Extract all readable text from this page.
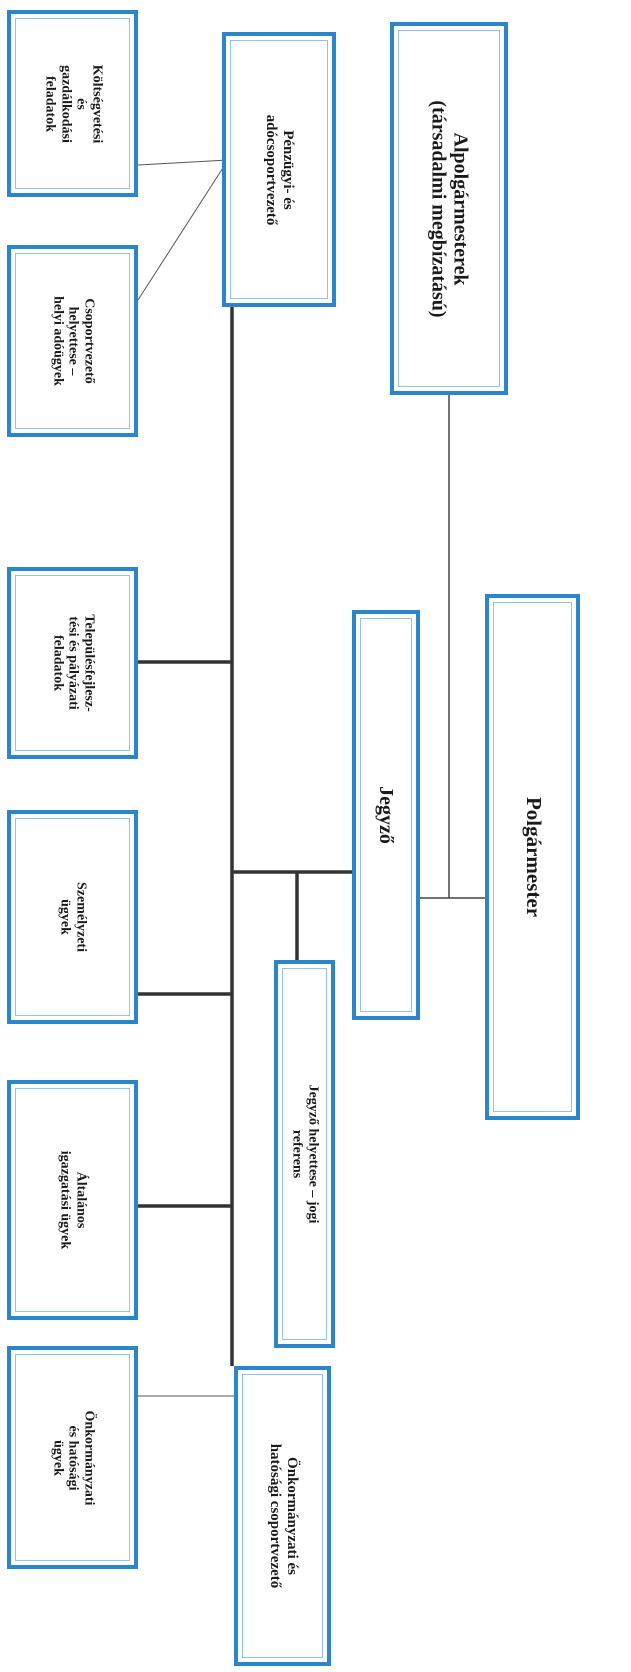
Alpolgármesterek
(társadalmi megbízatású)
Polgármester
Jegyző
Pénzügyi- és
adócsoportvezető
Önkormányzati és
hatósági csoportvezető
Jegyző helyettese – jogi
referens
Költségvetési
és
gazdálkodási
feladatok
Csoportvezető
helyettese –
helyi adóügyek
Településfejlesz-
tési és pályázati
feladatok
Személyzeti
ügyek
Általános
igazgatási ügyek
Önkormányzati
és hatósági
ügyek
